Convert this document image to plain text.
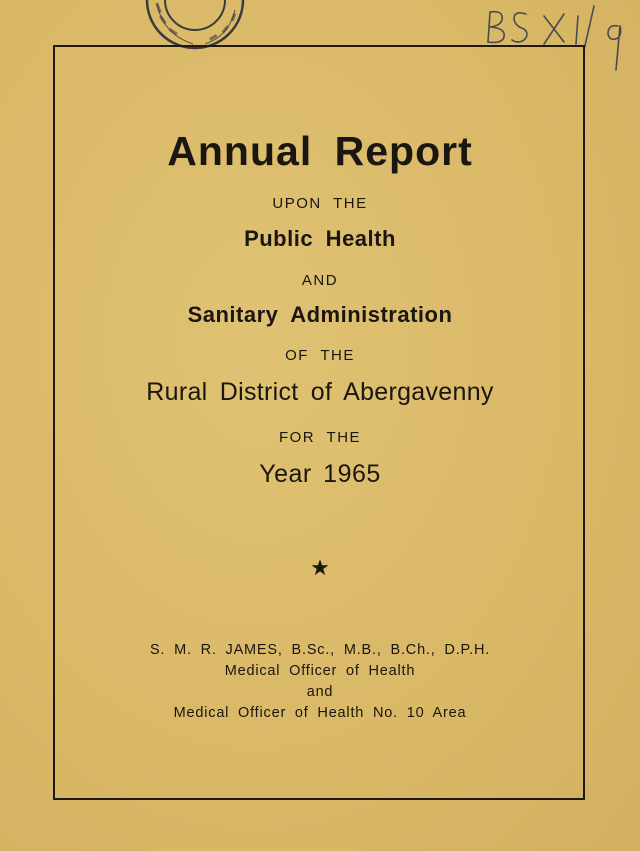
Annual Report
UPON THE
Public Health
AND
Sanitary Administration
OF THE
Rural District of Abergavenny
FOR THE
Year 1965
★
S. M. R. JAMES, B.Sc., M.B., B.Ch., D.P.H.
Medical Officer of Health
and
Medical Officer of Health No. 10 Area
